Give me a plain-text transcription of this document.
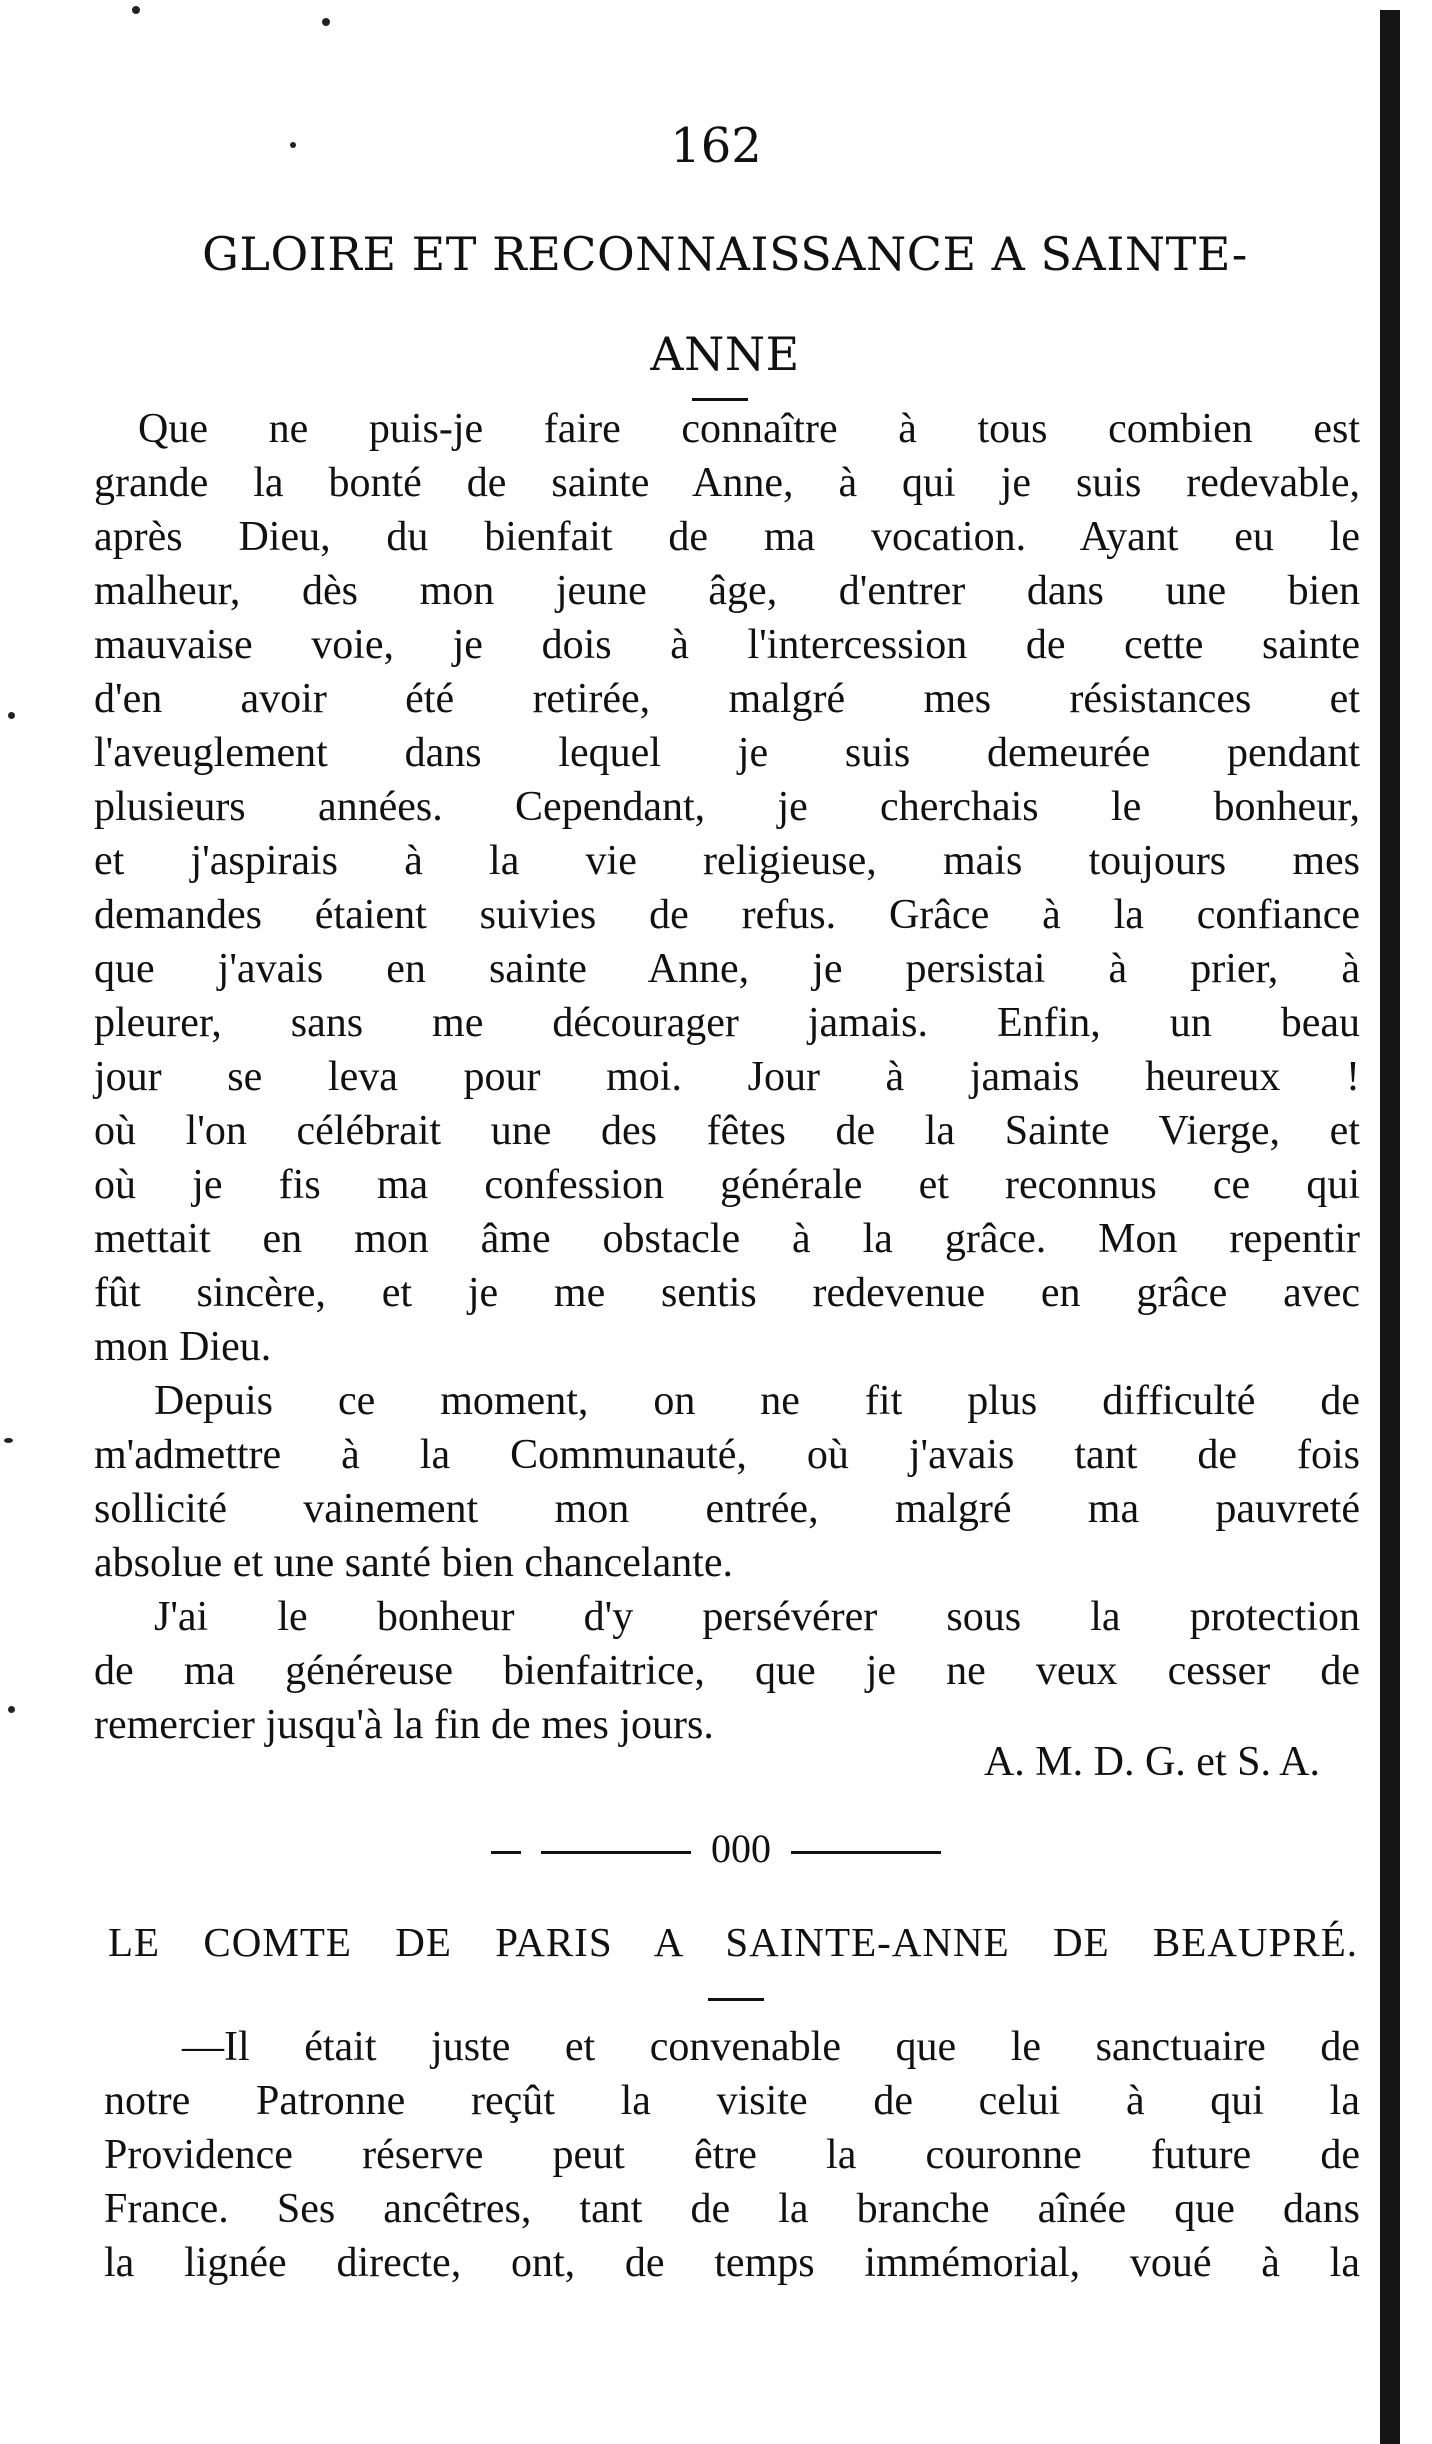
162
GLOIRE ET RECONNAISSANCE A SAINTE-
ANNE
Que ne puis-je faire connaître à tous combien est
grande la bonté de sainte Anne, à qui je suis redevable,
après Dieu, du bienfait de ma vocation. Ayant eu le
malheur, dès mon jeune âge, d'entrer dans une bien
mauvaise voie, je dois à l'intercession de cette sainte
d'en avoir été retirée, malgré mes résistances et
l'aveuglement dans lequel je suis demeurée pendant
plusieurs années. Cependant, je cherchais le bonheur,
et j'aspirais à la vie religieuse, mais toujours mes
demandes étaient suivies de refus. Grâce à la confiance
que j'avais en sainte Anne, je persistai à prier, à
pleurer, sans me décourager jamais. Enfin, un beau
jour se leva pour moi. Jour à jamais heureux !
où l'on célébrait une des fêtes de la Sainte Vierge, et
où je fis ma confession générale et reconnus ce qui
mettait en mon âme obstacle à la grâce. Mon repentir
fût sincère, et je me sentis redevenue en grâce avec
mon Dieu.
Depuis ce moment, on ne fit plus difficulté de
m'admettre à la Communauté, où j'avais tant de fois
sollicité vainement mon entrée, malgré ma pauvreté
absolue et une santé bien chancelante.
J'ai le bonheur d'y persévérer sous la protection
de ma généreuse bienfaitrice, que je ne veux cesser de
remercier jusqu'à la fin de mes jours.
A. M. D. G. et S. A.
000
LE COMTE DE PARIS A SAINTE-ANNE DE BEAUPRÉ.
—Il était juste et convenable que le sanctuaire de
notre Patronne reçût la visite de celui à qui la
Providence réserve peut être la couronne future de
France. Ses ancêtres, tant de la branche aînée que dans
la lignée directe, ont, de temps immémorial, voué à la
